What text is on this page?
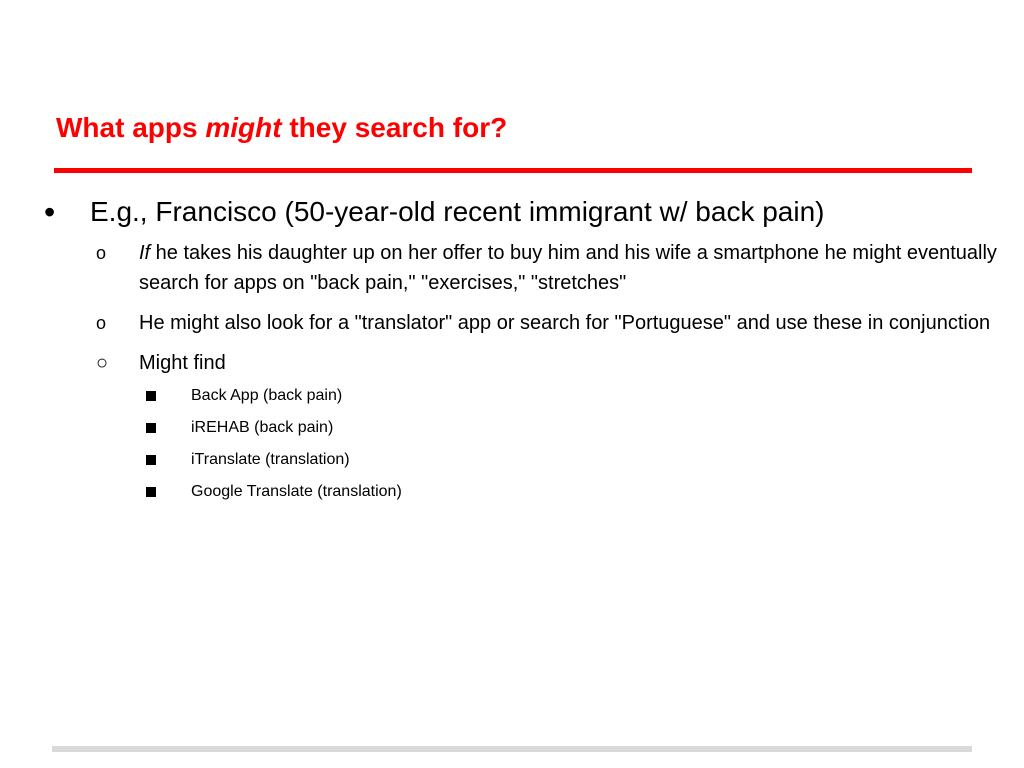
What apps might they search for?
•	E.g., Francisco (50-year-old recent immigrant w/ back pain)
o	If he takes his daughter up on her offer to buy him and his wife a smartphone he might eventually search for apps on "back pain," "exercises," "stretches"
o	He might also look for a "translator" app or search for "Portuguese" and use these in conjunction
○	Might find
Back App (back pain)
iREHAB (back pain)
iTranslate (translation)
Google Translate (translation)
